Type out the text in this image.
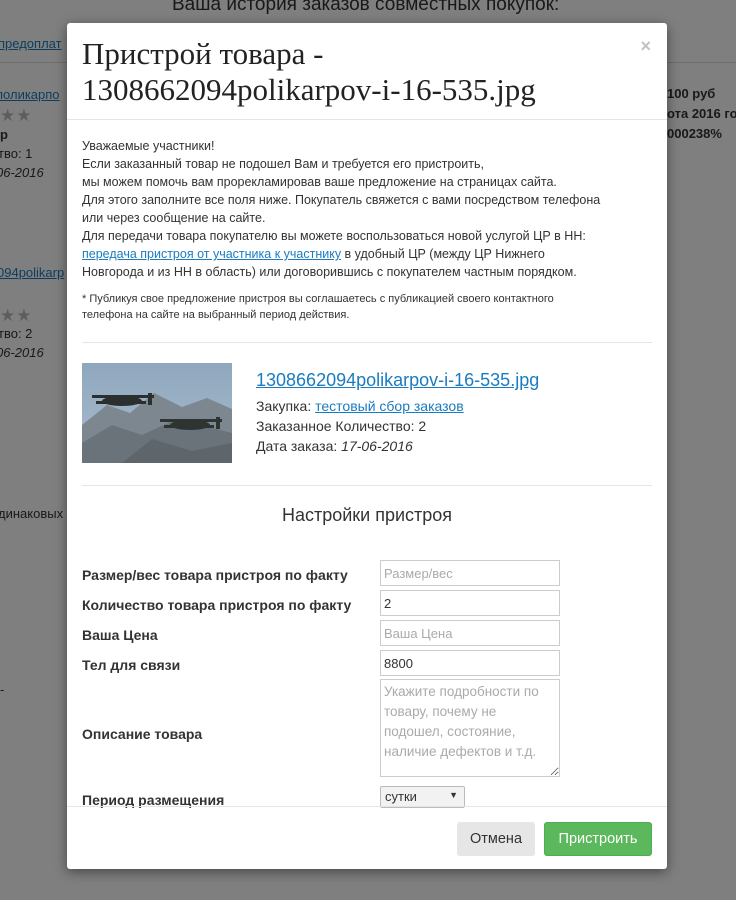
Пристрой товара - 1308662094polikarpov-i-16-535.jpg
×
Уважаемые участники!
Если заказанный товар не подошел Вам и требуется его пристроить,
мы можем помочь вам прорекламировав ваше предложение на страницах сайта.
Для этого заполните все поля ниже. Покупатель свяжется с вами посредством телефона
или через сообщение на сайте.
Для передачи товара покупателю вы можете воспользоваться новой услугой ЦР в НН:
передача пристроя от участника к участнику в удобный ЦР (между ЦР Нижнего
Новгорода и из НН в область) или договорившись с покупателем частным порядком.
* Публикуя свое предложение пристроя вы соглашаетесь с публикацией своего контактного
телефона на сайте на выбранный период действия.
1308662094polikarpov-i-16-535.jpg
Закупка: тестовый сбор заказов
Заказанное Количество: 2
Дата заказа: 17-06-2016
Настройки пристроя
Размер/вес товара пристроя по факту
Размер/вес
Количество товара пристроя по факту
2
Ваша Цена
Ваша Цена
Тел для связи
8800
Описание товара
Укажите подробности по товару, почему не подошел, состояние, наличие дефектов и т.д.
Период размещения	сутки	▼
Отмена	Пристроить
